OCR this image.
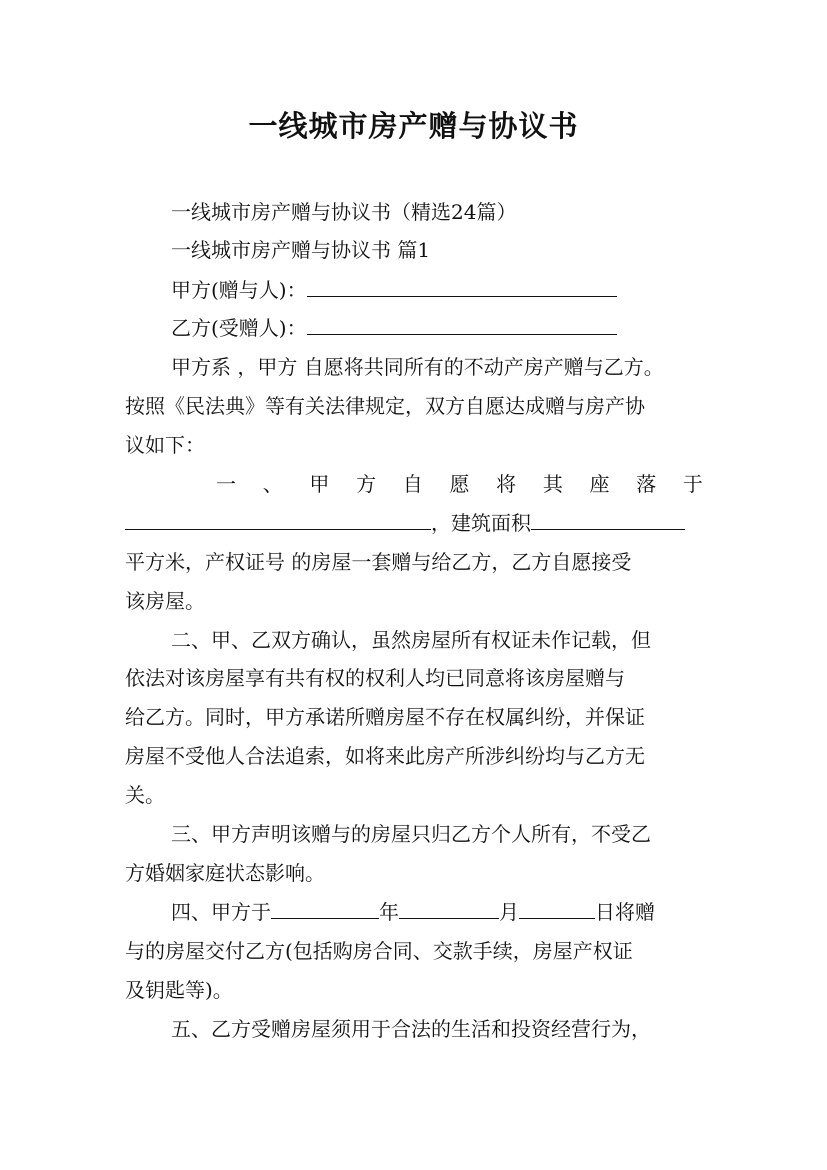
一线城市房产赠与协议书
一线城市房产赠与协议书（精选24篇）
一线城市房产赠与协议书 篇1
甲方(赠与人)：
乙方(受赠人)：
甲方系 ，甲方 自愿将共同所有的不动产房产赠与乙方。
按照《民法典》等有关法律规定，双方自愿达成赠与房产协
议如下：
一 、 甲 方 自 愿 将 其 座 落 于
，建筑面积
平方米，产权证号 的房屋一套赠与给乙方，乙方自愿接受
该房屋。
二、甲、乙双方确认，虽然房屋所有权证未作记载，但
依法对该房屋享有共有权的权利人均已同意将该房屋赠与
给乙方。同时，甲方承诺所赠房屋不存在权属纠纷，并保证
房屋不受他人合法追索，如将来此房产所涉纠纷均与乙方无
关。
三、甲方声明该赠与的房屋只归乙方个人所有，不受乙
方婚姻家庭状态影响。
四、甲方于	年	月	日将赠
与的房屋交付乙方(包括购房合同、交款手续，房屋产权证
及钥匙等)。
五、乙方受赠房屋须用于合法的生活和投资经营行为，
